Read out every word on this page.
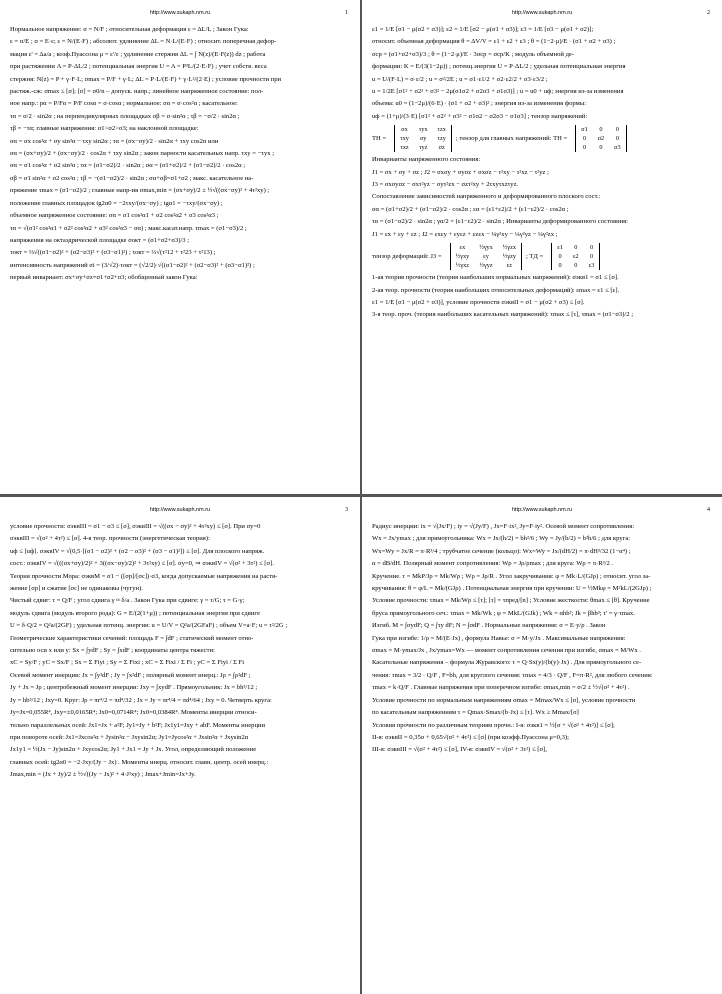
http://www.sukaph.nm.ru	1
Нормальное напряжение: σ = N/F ; относительная деформация ε = ΔL/L ; Закон Гука:
ε = σ/E ; σ = E·ε; ε = N/(E·F) ; абсолют. удлинение ΔL = N·L/(E·F) ; относит. поперечная дефор-
мация ε' = Δa/a ; коэф.Пуассона μ = ε'/ε ; удлинение стержня ΔL = ∫ N(z)/(E·F(z)) dz ; работа
при растяжении A = P·ΔL/2 ; потенциальная энергия U = A = P²L/(2·E·F) ; учет собств. веса
стержня: N(z) = P + γ·F·L; σmax = P/F + γ·L; ΔL = P·L/(E·F) + γ·L²/(2·E) ; условие прочности при
растяж.-сж: σmax ≤ [σ]; [σ] = σ0/n – допуск. напр.; линейное напряженное состояние: пол-
ное напр.: pα = P/Fα = P/F cosα = σ·cosα ; нормальное: σα = σ·cos²α ; касательное:
τα = σ/2 · sin2α ; на перпендикулярных площадках σβ = σ·sin²α ; τβ = −σ/2 · sin2α ;
τβ = −τα; главные напряжения: σ1>σ2>σ3; на наклонной площадке:
σα = σx cos²α + σy sin²α − τxy sin2α ; τα = (σx−σy)/2 · sin2α + τxy cos2α или
σα = (σx+σy)/2 + (σx−σy)/2 · cos2α + τxy sin2α ; закон парности касательных напр. τxy = −τyx ;
σα = σ1 cos²α + σ2 sin²α ; τα = (σ1−σ2)/2 · sin2α ; σα = (σ1+σ2)/2 + (σ1−σ2)/2 · cos2α ;
σβ = σ1 sin²α + σ2 cos²α ; τβ = −(σ1−σ2)/2 · sin2α ; σα+σβ=σ1+σ2 ; макс. касательное на-
пряжение τmax = (σ1−σ2)/2 ; главные напр-ия σmax,min = (σx+σy)/2 ± ½√((σx−σy)² + 4τ²xy) ;
положение главных площадок tg2α0 = −2τxy/(σx−σy) ; tgα1 = −τxy/(σx−σy) ;
объемное напряженное состояние: σα = σ1 cos²α1 + σ2 cos²α2 + σ3 cos²α3 ;
τα = √(σ1² cos²α1 + σ2² cos²α2 + σ3² cos²α3 − σα) ; макс.касат.напр. τmax = (σ1−σ3)/2 ;
напряжения на октаэдрической площадке σокт = (σ1+σ2+σ3)/3 ;
τокт = ⅓√((σ1−σ2)² + (σ2−σ3)² + (σ3−σ1)²) ; τокт = ⅔√(τ²12 + τ²23 + τ²13) ;
интенсивность напряжений σi = (3/√2)·τокт = (√2/2)·√((σ1−σ2)² + (σ2−σ3)² + (σ3−σ1)²) ;
первый инвариант: σx+σy+σz=σ1+σ2+σ3; обобщенный закон Гука:
http://www.sukaph.nm.ru	2
ε1 = 1/E [σ1 − μ(σ2 + σ3)]; ε2 = 1/E [σ2 − μ(σ1 + σ3)]; ε3 = 1/E [σ3 − μ(σ1 + σ2)];
относит. объемная деформация θ = ΔV/V = ε1 + ε2 + ε3 ; θ = (1−2·μ)/E · (σ1 + σ2 + σ3) ;
σср = (σ1+σ2+σ3)/3 ; θ = (1−2·μ)/E · 3σср = σср/K ; модуль объемной де-
формации: K = E/(3(1−2μ)) ; потенц.энергия U = P·ΔL/2 ; удельная потенциальная энергия
u = U/(F·L) = σ·ε/2 ; u = σ²/2E ; u = σ1·ε1/2 + σ2·ε2/2 + σ3·ε3/2 ;
u = 1/2E [σ1² + σ2² + σ3² − 2μ(σ1σ2 + σ2σ3 + σ1σ3)] ; u = u0 + uф; энергия из-за изменения
объема: u0 = (1−2μ)/(6·E) · (σ1 + σ2 + σ3)² ; энергия из-за изменения формы:
uф = (1+μ)/(3·E) [σ1² + σ2² + σ3² − σ1σ2 − σ2σ3 − σ1σ3] ; тензор напряжений:
TН =
σx	τyx	τzx
τxy	σy	τzy
τxz	τyz	σz
; тензор для главных напряжений: TН =
σ1	0	0
0	σ2	0
0	0	σ3
Инварианты напряженного состояния:
J1 = σx + σy + σz ; J2 = σxσy + σyσz + σxσz − τ²xy − τ²xz − τ²yz ;
J3 = σxσyσz − σxτ²yz − σyτ²zx − σzτ²xy + 2τxyτxzτyz.
Сопоставление зависимостей напряженного и деформированного плоского сост.:
σα = (σ1+σ2)/2 + (σ1−σ2)/2 · cos2α ; εα = (ε1+ε2)/2 + (ε1−ε2)/2 · cos2α ;
τα = (σ1−σ2)/2 · sin2α ; γα/2 = (ε1−ε2)/2 · sin2α ; Инварианты деформированного состояния:
J1 = εx + εy + εz ; J2 = εxεy + εyεz + εzεx − ¼γ²xy − ¼γ²yz − ¼γ²zx ;
тензор деформаций: J3 =
εx	½γyx	½γzx
½γxy	εy	½γzy
½γxz	½γyz	εz
; TД =
ε1	0	0
0	ε2	0
0	0	ε3
1-ая теория прочности (теория наибольших нормальных напряжений): σэкв1 = σ1 ≤ [σ].
2-ая теор. прочности (теория наибольших относительных деформаций): εmax = ε1 ≤ [ε].
ε1 = 1/E [σ1 − μ(σ2 + σ3)], условие прочности σэквII = σ1 − μ(σ2 + σ3) ≤ [σ].
3-я теор. проч. (теория наибольших касательных напряжений): τmax ≤ [τ], τmax = (σ1−σ3)/2 ;
http://www.sukaph.nm.ru	3
условие прочности: σэквIII = σ1 − σ3 ≤ [σ], σэквIII = √((σx − σy)² + 4τ²xy) ≤ [σ]. При σy=0
σэквIII = √(σ² + 4τ²) ≤ [σ]. 4-я теор. прочности (энергетическая теория):
uф ≤ [uф]. σэквIV = √(0,5·[(σ1 − σ2)² + (σ2 − σ3)² + (σ3 − σ1)²]) ≤ [σ]. Для плоского напряж.
сост.: σэквIV = √(((σx+σy)/2)² + 3((σx−σy)/2)² + 3τ²xy) ≤ [σ]. σy=0, ⇒ σэквIV = √(σ² + 3τ²) ≤ [σ].
Теория прочности Мора: σэквМ = σ1 − ([σp]/[σс])·σ3, когда допускаемые напряжения на растя-
жение [σp] и сжатие [σс] не одинаковы (чугун).
Чистый сдвиг: τ = Q/F ; угол сдвига γ ≈ δ/a . Закон Гука при сдвиге: γ = τ/G; τ = G·γ;
модуль сдвига (модуль второго рода): G = E/(2(1+μ)) ; потенциальная энергия при сдвиге
U = δ·Q/2 = Q²a/(2GF) ; удельная потенц. энергия: u = U/V = Q²a/(2GFaF) ; объем V=a·F; u = τ²/2G ;
Геометрические характеристики сечений: площадь F = ∫dF ; статический момент отно-
сительно оси x или y: Sx = ∫ydF ; Sy = ∫xdF ; координаты центра тяжести:
xC = Sy/F ; yC = Sx/F ; Sx = Σ Fiyi ; Sy = Σ Fixi ; xC = Σ Fixi / Σ Fi ; yC = Σ Fiyi / Σ Fi
Осевой момент инерции: Jx = ∫y²dF ; Jy = ∫x²dF ; полярный момент инерц.: Jρ = ∫ρ²dF ;
Jy + Jx = Jρ ; центробежный момент инерции: Jxy = ∫xydF . Прямоугольник: Jx = bh³/12 ;
Jy = hb³/12 ; Jxy=0. Круг: Jρ = πr⁴/2 = πd⁴/32 ; Jx = Jy = πr⁴/4 = πd⁴/64 ; Jxy = 0. Четверть круга:
Jy=Jx=0,055R⁴, Jxy=±0,0165R⁴; Jx0=0,0714R⁴; Jx0=0,0384R⁴. Моменты инерции относи-
тельно параллельных осей: Jx1=Jx + a²F; Jy1=Jy + b²F; Jx1y1=Jxy + abF. Моменты инерции
при повороте осей: Jx1=Jxcos²α + Jysin²α − Jxysin2α; Jy1=Jycos²α + Jxsin²α + Jxysin2α
Jx1y1 = ½(Jx − Jy)sin2α + Jxycos2α; Jy1 + Jx1 = Jy + Jx. Угол, определяющий положение
главных осей: tg2α0 = −2·Jxy/(Jy − Jx) . Моменты инерц. относит. главн. центр. осей инерц.:
Jmax,min = (Jx + Jy)/2 ± ½√((Jy − Jx)² + 4·J²xy) ; Jmax+Jmin=Jx+Jy.
http://www.sukaph.nm.ru	4
Радиус инерции: ix = √(Jx/F) ; iy = √(Jy/F) , Jx=F·ix², Jy=F·iy². Осевой момент сопротивления:
Wx = Jx/ymax ; для прямоугольника: Wx = Jx/(h/2) = bh²/6 ; Wy = Jy/(b/2) = b²h/6 ; для круга:
Wx=Wy = Jx/R = π·R³/4 ; трубчатое сечение (кольцо): Wx=Wy = Jx/(dH/2) = π·dH³/32 (1−α⁴) ;
α = dB/dH. Полярный момент сопротивления: Wρ = Jρ/ρmax ; для круга: Wρ = π·R³/2 .
Кручение. τ = MkΡ/Jρ = Mk/Wρ ; Wρ = Jρ/R . Угол закручивания: φ = Mk·L/(GJρ) ; относит. угол за-
кручивания: θ = φ/L = Mk/(GJρ) . Потенциальная энергия при кручении: U = ½Mkφ = M²kL/(2GJρ) ;
Условие прочности: τmax = Mk/Wρ ≤ [τ]; [τ] = τпред/[n] ; Условие жесткости: θmax ≤ [θ]. Кручение
бруса прямоугольного сеч.: τmax = Mk/Wk ; φ = MkL/(GJk) ; Wk = αhb²; Jk = βhb³; τ' = γ·τmax.
Изгиб. M = ∫σydF; Q = ∫τy dF; N = ∫σdF . Нормальные напряжения: σ = E·y/ρ . Закон
Гука при изгибе: 1/ρ = M/(E·Jx) , формула Навье: σ = M·y/Jx . Максимальные напряжения:
σmax = M·ymax/Jx , Jx/ymax=Wx — момент сопротивления сечения при изгибе, σmax = M/Wx .
Касательные напряжения – формула Журавского: τ = Q·Sx(y)/(b(y)·Jx) . Для прямоугольного се-
чения: τmax = 3/2 · Q/F , F=bh, для круглого сечения: τmax = 4/3 · Q/F , F=π·R², для любого сечения:
τmax = k·Q/F . Главные напряжения при поперечном изгибе: σmax,min = σ/2 ± ½√(σ² + 4τ²) .
Условие прочности по нормальным напряжениям σmax = Mmax/Wx ≤ [σ], условие прочности
по касательным напряжениям τ = Qmax·Smax/(b·Jx) ≤ [τ]. Wx ≥ Mmax/[σ]
Условия прочности по различным теориям прочн.: I-я: σэкв1 = ½[σ + √(σ² + 4τ²)] ≤ [σ];
II-я: σэквII = 0,35σ + 0,65√(σ² + 4τ²) ≤ [σ] (при коэфф.Пуассона μ=0,3);
III-я: σэквIII = √(σ² + 4τ²) ≤ [σ], IV-я: σэквIV = √(σ² + 3τ²) ≤ [σ],
